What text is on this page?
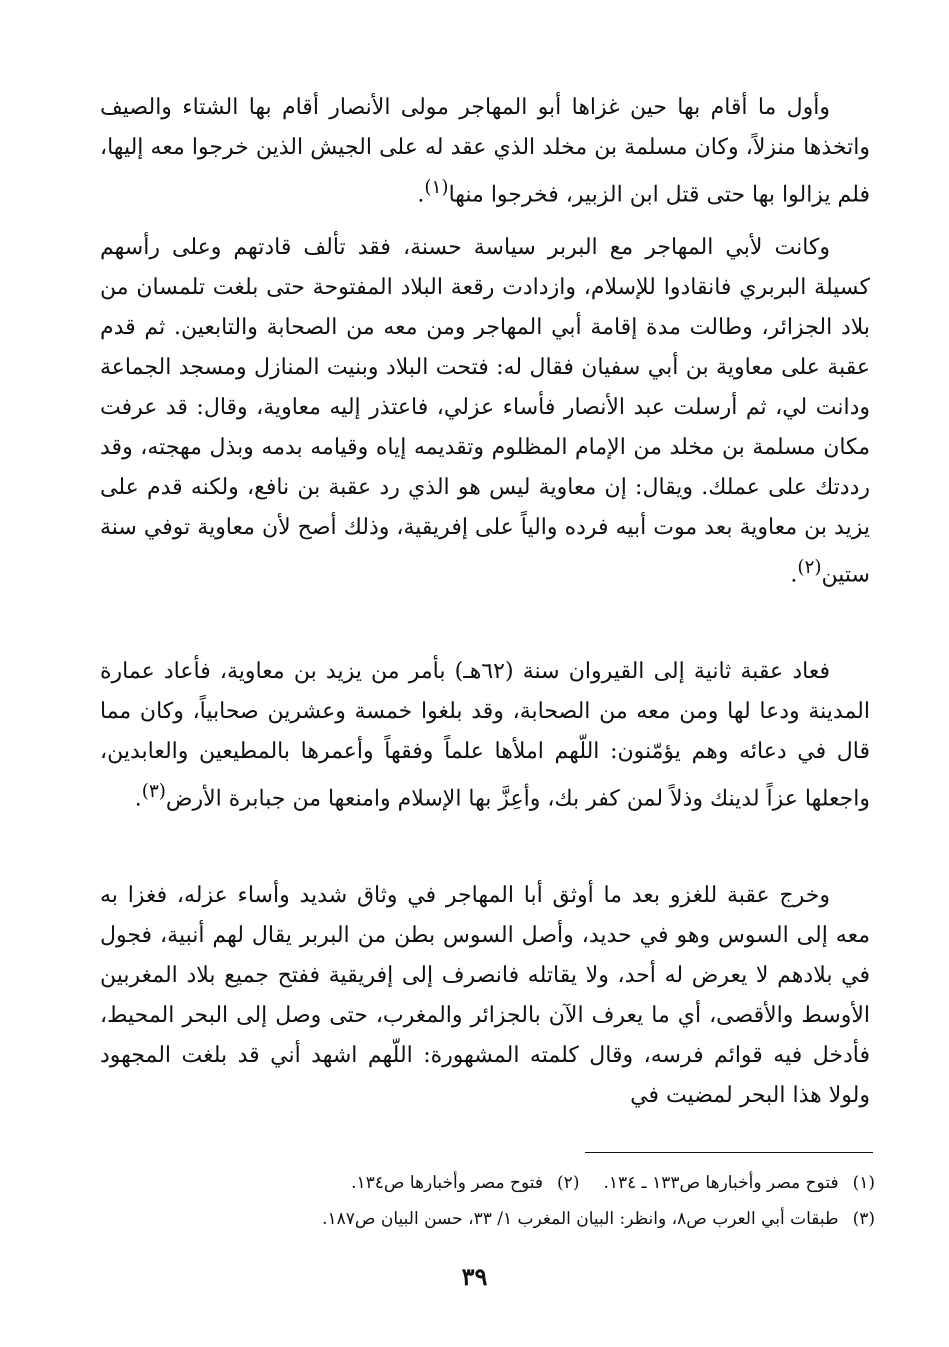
وأول ما أقام بها حين غزاها أبو المهاجر مولى الأنصار أقام بها الشتاء والصيف واتخذها منزلاً، وكان مسلمة بن مخلد الذي عقد له على الجيش الذين خرجوا معه إليها، فلم يزالوا بها حتى قتل ابن الزبير، فخرجوا منها$^{(١)}$.

وكانت لأبي المهاجر مع البربر سياسة حسنة، فقد تألف قادتهم وعلى رأسهم كسيلة البربري فانقادوا للإسلام، وازدادت رقعة البلاد المفتوحة حتى بلغت تلمسان من بلاد الجزائر، وطالت مدة إقامة أبي المهاجر ومن معه من الصحابة والتابعين. ثم قدم عقبة على معاوية بن أبي سفيان فقال له: فتحت البلاد وبنيت المنازل ومسجد الجماعة ودانت لي، ثم أرسلت عبد الأنصار فأساء عزلي، فاعتذر إليه معاوية، وقال: قد عرفت مكان مسلمة بن مخلد من الإمام المظلوم وتقديمه إياه وقيامه بدمه وبذل مهجته، وقد رددتك على عملك. ويقال: إن معاوية ليس هو الذي رد عقبة بن نافع، ولكنه قدم على يزيد بن معاوية بعد موت أبيه فرده والياً على إفريقية، وذلك أصح لأن معاوية توفي سنة ستين$^{(٢)}$.

فعاد عقبة ثانية إلى القيروان سنة (٦٢هـ) بأمر من يزيد بن معاوية، فأعاد عمارة المدينة ودعا لها ومن معه من الصحابة، وقد بلغوا خمسة وعشرين صحابياً، وكان مما قال في دعائه وهم يؤمّنون: اللّهم املأها علماً وفقهاً وأعمرها بالمطيعين والعابدين، واجعلها عزاً لدينك وذلاً لمن كفر بك، وأعِزَّ بها الإسلام وامنعها من جبابرة الأرض$^{(٣)}$.

وخرج عقبة للغزو بعد ما أوثق أبا المهاجر في وثاق شديد وأساء عزله، فغزا به معه إلى السوس وهو في حديد، وأصل السوس بطن من البربر يقال لهم أنبية، فجول في بلادهم لا يعرض له أحد، ولا يقاتله فانصرف إلى إفريقية ففتح جميع بلاد المغربين الأوسط والأقصى، أي ما يعرف الآن بالجزائر والمغرب، حتى وصل إلى البحر المحيط، فأدخل فيه قوائم فرسه، وقال كلمته المشهورة: اللّهم اشهد أني قد بلغت المجهود ولولا هذا البحر لمضيت في

(١)فتوح مصر وأخبارها ص١٣٣ ـ ١٣٤.(٢)فتوح مصر وأخبارها ص١٣٤.
(٣)طبقات أبي العرب ص٨، وانظر: البيان المغرب ١/ ٣٣، حسن البيان ص١٨٧.
٣٩
